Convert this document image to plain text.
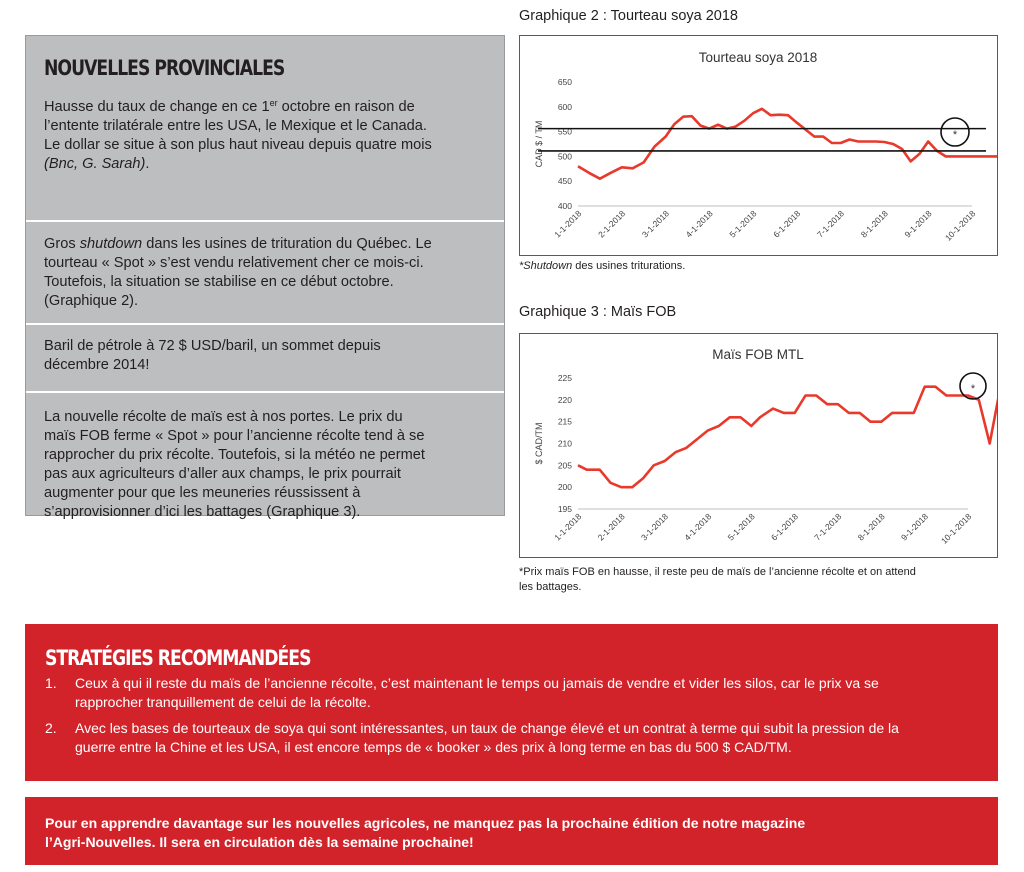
NOUVELLES PROVINCIALES
Hausse du taux de change en ce 1er octobre en raison de
l’entente trilatérale entre les USA, le Mexique et le Canada.
Le dollar se situe à son plus haut niveau depuis quatre mois
(Bnc, G. Sarah).
Gros shutdown dans les usines de trituration du Québec. Le
tourteau « Spot » s’est vendu relativement cher ce mois-ci.
Toutefois, la situation se stabilise en ce début octobre.
(Graphique 2).
Baril de pétrole à 72 $ USD/baril, un sommet depuis
décembre 2014!
La nouvelle récolte de maïs est à nos portes. Le prix du
maïs FOB ferme « Spot » pour l’ancienne récolte tend à se
rapprocher du prix récolte. Toutefois, si la météo ne permet
pas aux agriculteurs d’aller aux champs, le prix pourrait
augmenter pour que les meuneries réussissent à
s’approvisionner d’ici les battages (Graphique 3).
Graphique 2 : Tourteau soya 2018
Tourteau soya 2018
400
450
500
550
600
650
CAD $ / TM
1-1-2018 2-1-2018 3-1-2018 4-1-2018 5-1-2018 6-1-2018 7-1-2018 8-1-2018 9-1-2018 10-1-2018
*
*Shutdown des usines triturations.
Graphique 3 : Maïs FOB
Maïs FOB MTL
195
200
205
210
215
220
225
$ CAD/TM
1-1-2018 2-1-2018 3-1-2018 4-1-2018 5-1-2018 6-1-2018 7-1-2018 8-1-2018 9-1-2018 10-1-2018
*
*Prix maïs FOB en hausse, il reste peu de maïs de l’ancienne récolte et on attend
les battages.
STRATÉGIES RECOMMANDÉES
1.	Ceux à qui il reste du maïs de l’ancienne récolte, c’est maintenant le temps ou jamais de vendre et vider les silos, car le prix va se
rapprocher tranquillement de celui de la récolte.
2.	Avec les bases de tourteaux de soya qui sont intéressantes, un taux de change élevé et un contrat à terme qui subit la pression de la
guerre entre la Chine et les USA, il est encore temps de « booker » des prix à long terme en bas du 500 $ CAD/TM.
Pour en apprendre davantage sur les nouvelles agricoles, ne manquez pas la prochaine édition de notre magazine
l’Agri-Nouvelles. Il sera en circulation dès la semaine prochaine!
